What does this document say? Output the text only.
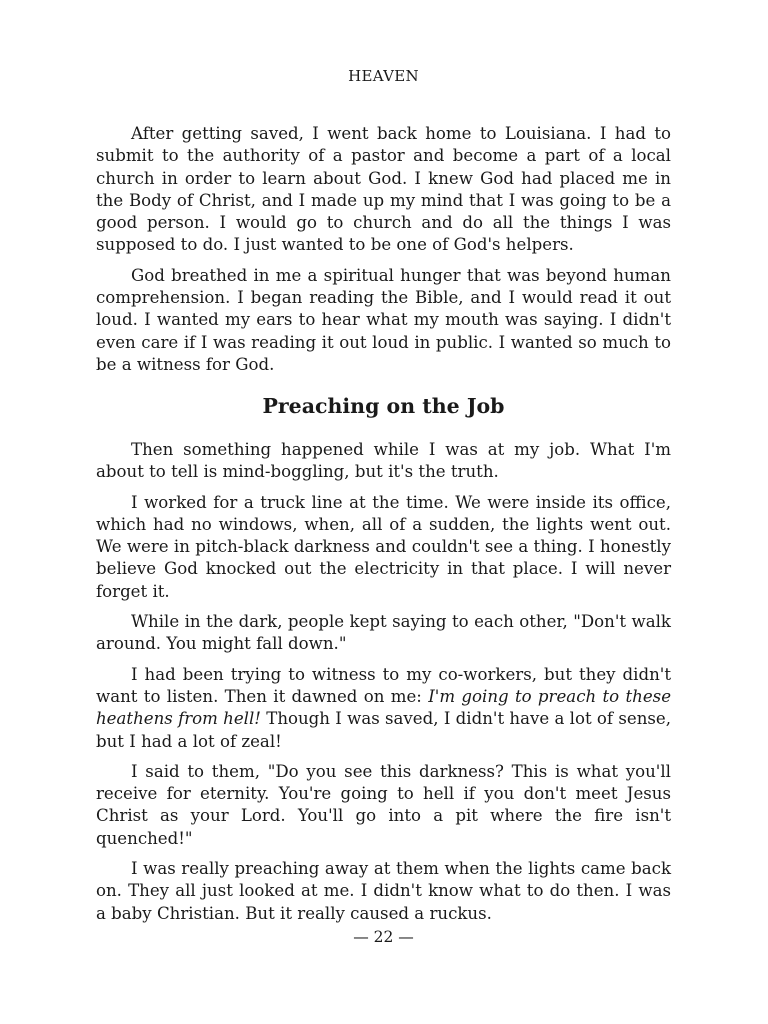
HEAVEN

After getting saved, I went back home to Louisiana. I had to submit to the authority of a pastor and become a part of a local church in order to learn about God. I knew God had placed me in the Body of Christ, and I made up my mind that I was going to be a good person. I would go to church and do all the things I was supposed to do. I just wanted to be one of God's helpers.

God breathed in me a spiritual hunger that was beyond human comprehension. I began reading the Bible, and I would read it out loud. I wanted my ears to hear what my mouth was saying. I didn't even care if I was reading it out loud in public. I wanted so much to be a witness for God.

Preaching on the Job

Then something happened while I was at my job. What I'm about to tell is mind-boggling, but it's the truth.

I worked for a truck line at the time. We were inside its office, which had no windows, when, all of a sudden, the lights went out. We were in pitch-black darkness and couldn't see a thing. I honestly believe God knocked out the electricity in that place. I will never forget it.

While in the dark, people kept saying to each other, "Don't walk around. You might fall down."

I had been trying to witness to my co-workers, but they didn't want to listen. Then it dawned on me: I'm going to preach to these heathens from hell! Though I was saved, I didn't have a lot of sense, but I had a lot of zeal!

I said to them, "Do you see this darkness? This is what you'll receive for eternity. You're going to hell if you don't meet Jesus Christ as your Lord. You'll go into a pit where the fire isn't quenched!"

I was really preaching away at them when the lights came back on. They all just looked at me. I didn't know what to do then. I was a baby Christian. But it really caused a ruckus.

— 22 —
